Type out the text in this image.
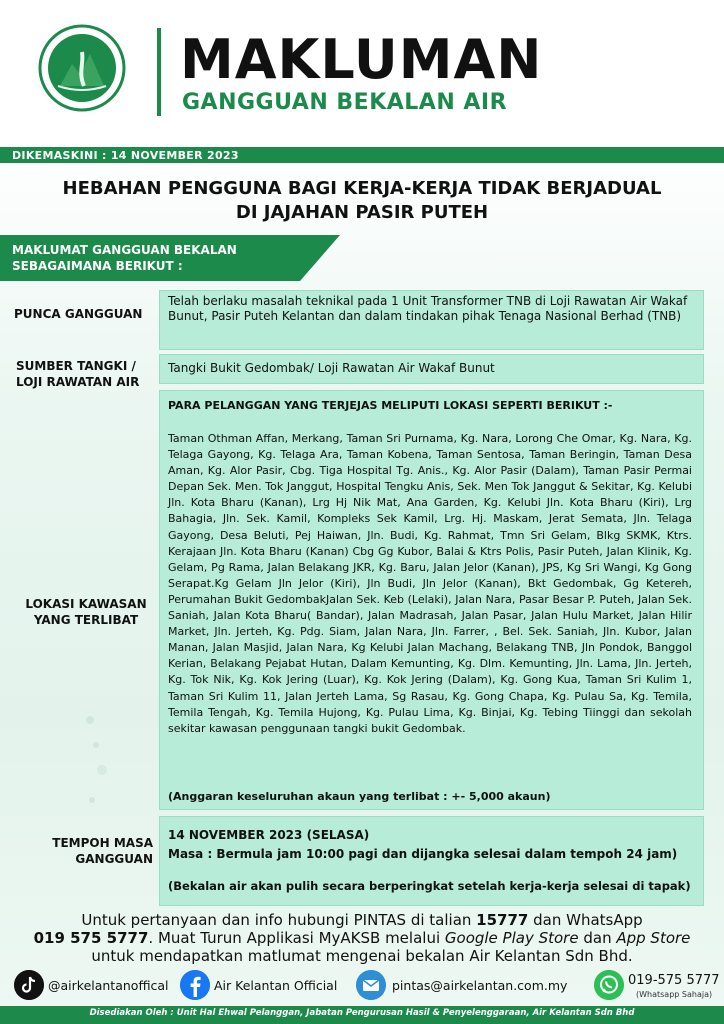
MAKLUMAN
GANGGUAN BEKALAN AIR
DIKEMASKINI : 14 NOVEMBER 2023
HEBAHAN PENGGUNA BAGI KERJA-KERJA TIDAK BERJADUAL
DI JAJAHAN PASIR PUTEH
MAKLUMAT GANGGUAN BEKALAN
SEBAGAIMANA BERIKUT :
PUNCA GANGGUAN
Telah berlaku masalah teknikal pada 1 Unit Transformer TNB di Loji Rawatan Air Wakaf Bunut, Pasir Puteh Kelantan dan dalam tindakan pihak Tenaga Nasional Berhad (TNB)
SUMBER TANGKI /
LOJI RAWATAN AIR
Tangki Bukit Gedombak/ Loji Rawatan Air Wakaf Bunut
LOKASI KAWASAN
YANG TERLIBAT
PARA PELANGGAN YANG TERJEJAS MELIPUTI LOKASI SEPERTI BERIKUT :-
Taman Othman Affan, Merkang, Taman Sri Purnama, Kg. Nara, Lorong Che Omar, Kg. Nara, Kg. Telaga Gayong, Kg. Telaga Ara, Taman Kobena, Taman Sentosa, Taman Beringin, Taman Desa Aman, Kg. Alor Pasir, Cbg. Tiga Hospital Tg. Anis., Kg. Alor Pasir (Dalam), Taman Pasir Permai Depan Sek. Men. Tok Janggut, Hospital Tengku Anis, Sek. Men Tok Janggut & Sekitar, Kg. Kelubi Jln. Kota Bharu (Kanan), Lrg Hj Nik Mat, Ana Garden, Kg. Kelubi Jln. Kota Bharu (Kiri), Lrg Bahagia, Jln. Sek. Kamil, Kompleks Sek Kamil, Lrg. Hj. Maskam, Jerat Semata, Jln. Telaga Gayong, Desa Beluti, Pej Haiwan, Jln. Budi, Kg. Rahmat, Tmn Sri Gelam, Blkg SKMK, Ktrs. Kerajaan Jln. Kota Bharu (Kanan) Cbg Gg Kubor, Balai & Ktrs Polis, Pasir Puteh, Jalan Klinik, Kg. Gelam, Pg Rama, Jalan Belakang JKR, Kg. Baru, Jalan Jelor (Kanan), JPS, Kg Sri Wangi, Kg Gong Serapat.Kg Gelam Jln Jelor (Kiri), Jln Budi, Jln Jelor (Kanan), Bkt Gedombak, Gg Ketereh, Perumahan Bukit GedombakJalan Sek. Keb (Lelaki), Jalan Nara, Pasar Besar P. Puteh, Jalan Sek. Saniah, Jalan Kota Bharu( Bandar), Jalan Madrasah, Jalan Pasar, Jalan Hulu Market, Jalan Hilir Market, Jln. Jerteh, Kg. Pdg. Siam, Jalan Nara, Jln. Farrer, , Bel. Sek. Saniah, Jln. Kubor, Jalan Manan, Jalan Masjid, Jalan Nara, Kg Kelubi Jalan Machang, Belakang TNB, Jln Pondok, Banggol Kerian, Belakang Pejabat Hutan, Dalam Kemunting, Kg. Dlm. Kemunting, Jln. Lama, Jln. Jerteh, Kg. Tok Nik, Kg. Kok Jering (Luar), Kg. Kok Jering (Dalam), Kg. Gong Kua, Taman Sri Kulim 1, Taman Sri Kulim 11, Jalan Jerteh Lama, Sg Rasau, Kg. Gong Chapa, Kg. Pulau Sa, Kg. Temila, Temila Tengah, Kg. Temila Hujong, Kg. Pulau Lima, Kg. Binjai, Kg. Tebing Tiinggi dan sekolah sekitar kawasan penggunaan tangki bukit Gedombak.
(Anggaran keseluruhan akaun yang terlibat : +- 5,000 akaun)
TEMPOH MASA
GANGGUAN
14 NOVEMBER 2023 (SELASA)
Masa : Bermula jam 10:00 pagi dan dijangka selesai dalam tempoh 24 jam)
(Bekalan air akan pulih secara berperingkat setelah kerja-kerja selesai di tapak)
Untuk pertanyaan dan info hubungi PINTAS di talian 15777 dan WhatsApp
019 575 5777. Muat Turun Applikasi MyAKSB melalui Google Play Store dan App Store
untuk mendapatkan matlumat mengenai bekalan Air Kelantan Sdn Bhd.
@airkelantanoffical	Air Kelantan Official	pintas@airkelantan.com.my	019-575 5777
(Whatsapp Sahaja)
Disediakan Oleh : Unit Hal Ehwal Pelanggan, Jabatan Pengurusan Hasil & Penyelenggaraan, Air Kelantan Sdn Bhd
